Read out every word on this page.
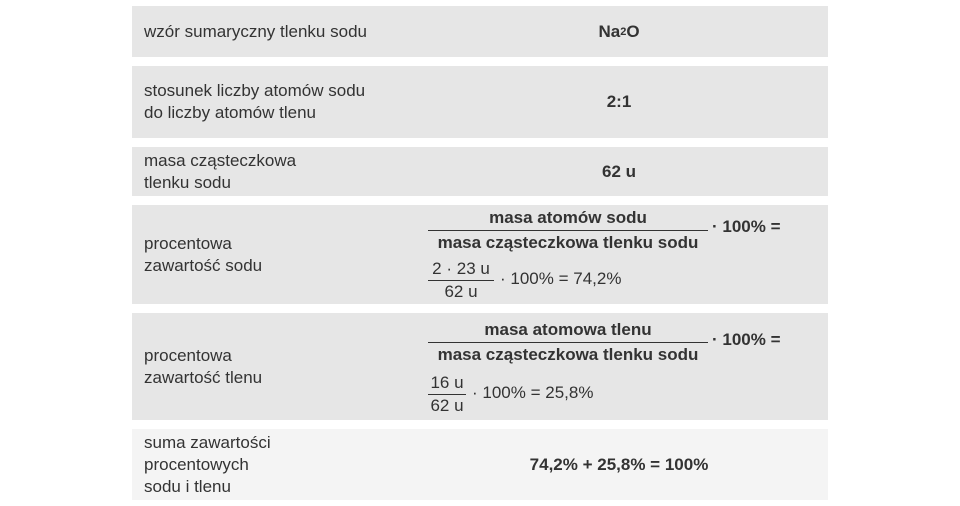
wzór sumaryczny tlenku sodu	Na 2 O
stosunek liczby atomów sodu
do liczby atomów tlenu
2:1
masa cząsteczkowa
tlenku sodu
62 u
procentowa
zawartość sodu
masa atomów sodu
masa cząsteczkowa tlenku sodu
· 100% =
2 · 23 u
62 u
· 100% = 74,2%
procentowa
zawartość tlenu
masa atomowa tlenu
masa cząsteczkowa tlenku sodu
· 100% =
16 u
62 u
· 100% = 25,8%
suma zawartości
procentowych
sodu i tlenu
74,2% + 25,8% = 100%
